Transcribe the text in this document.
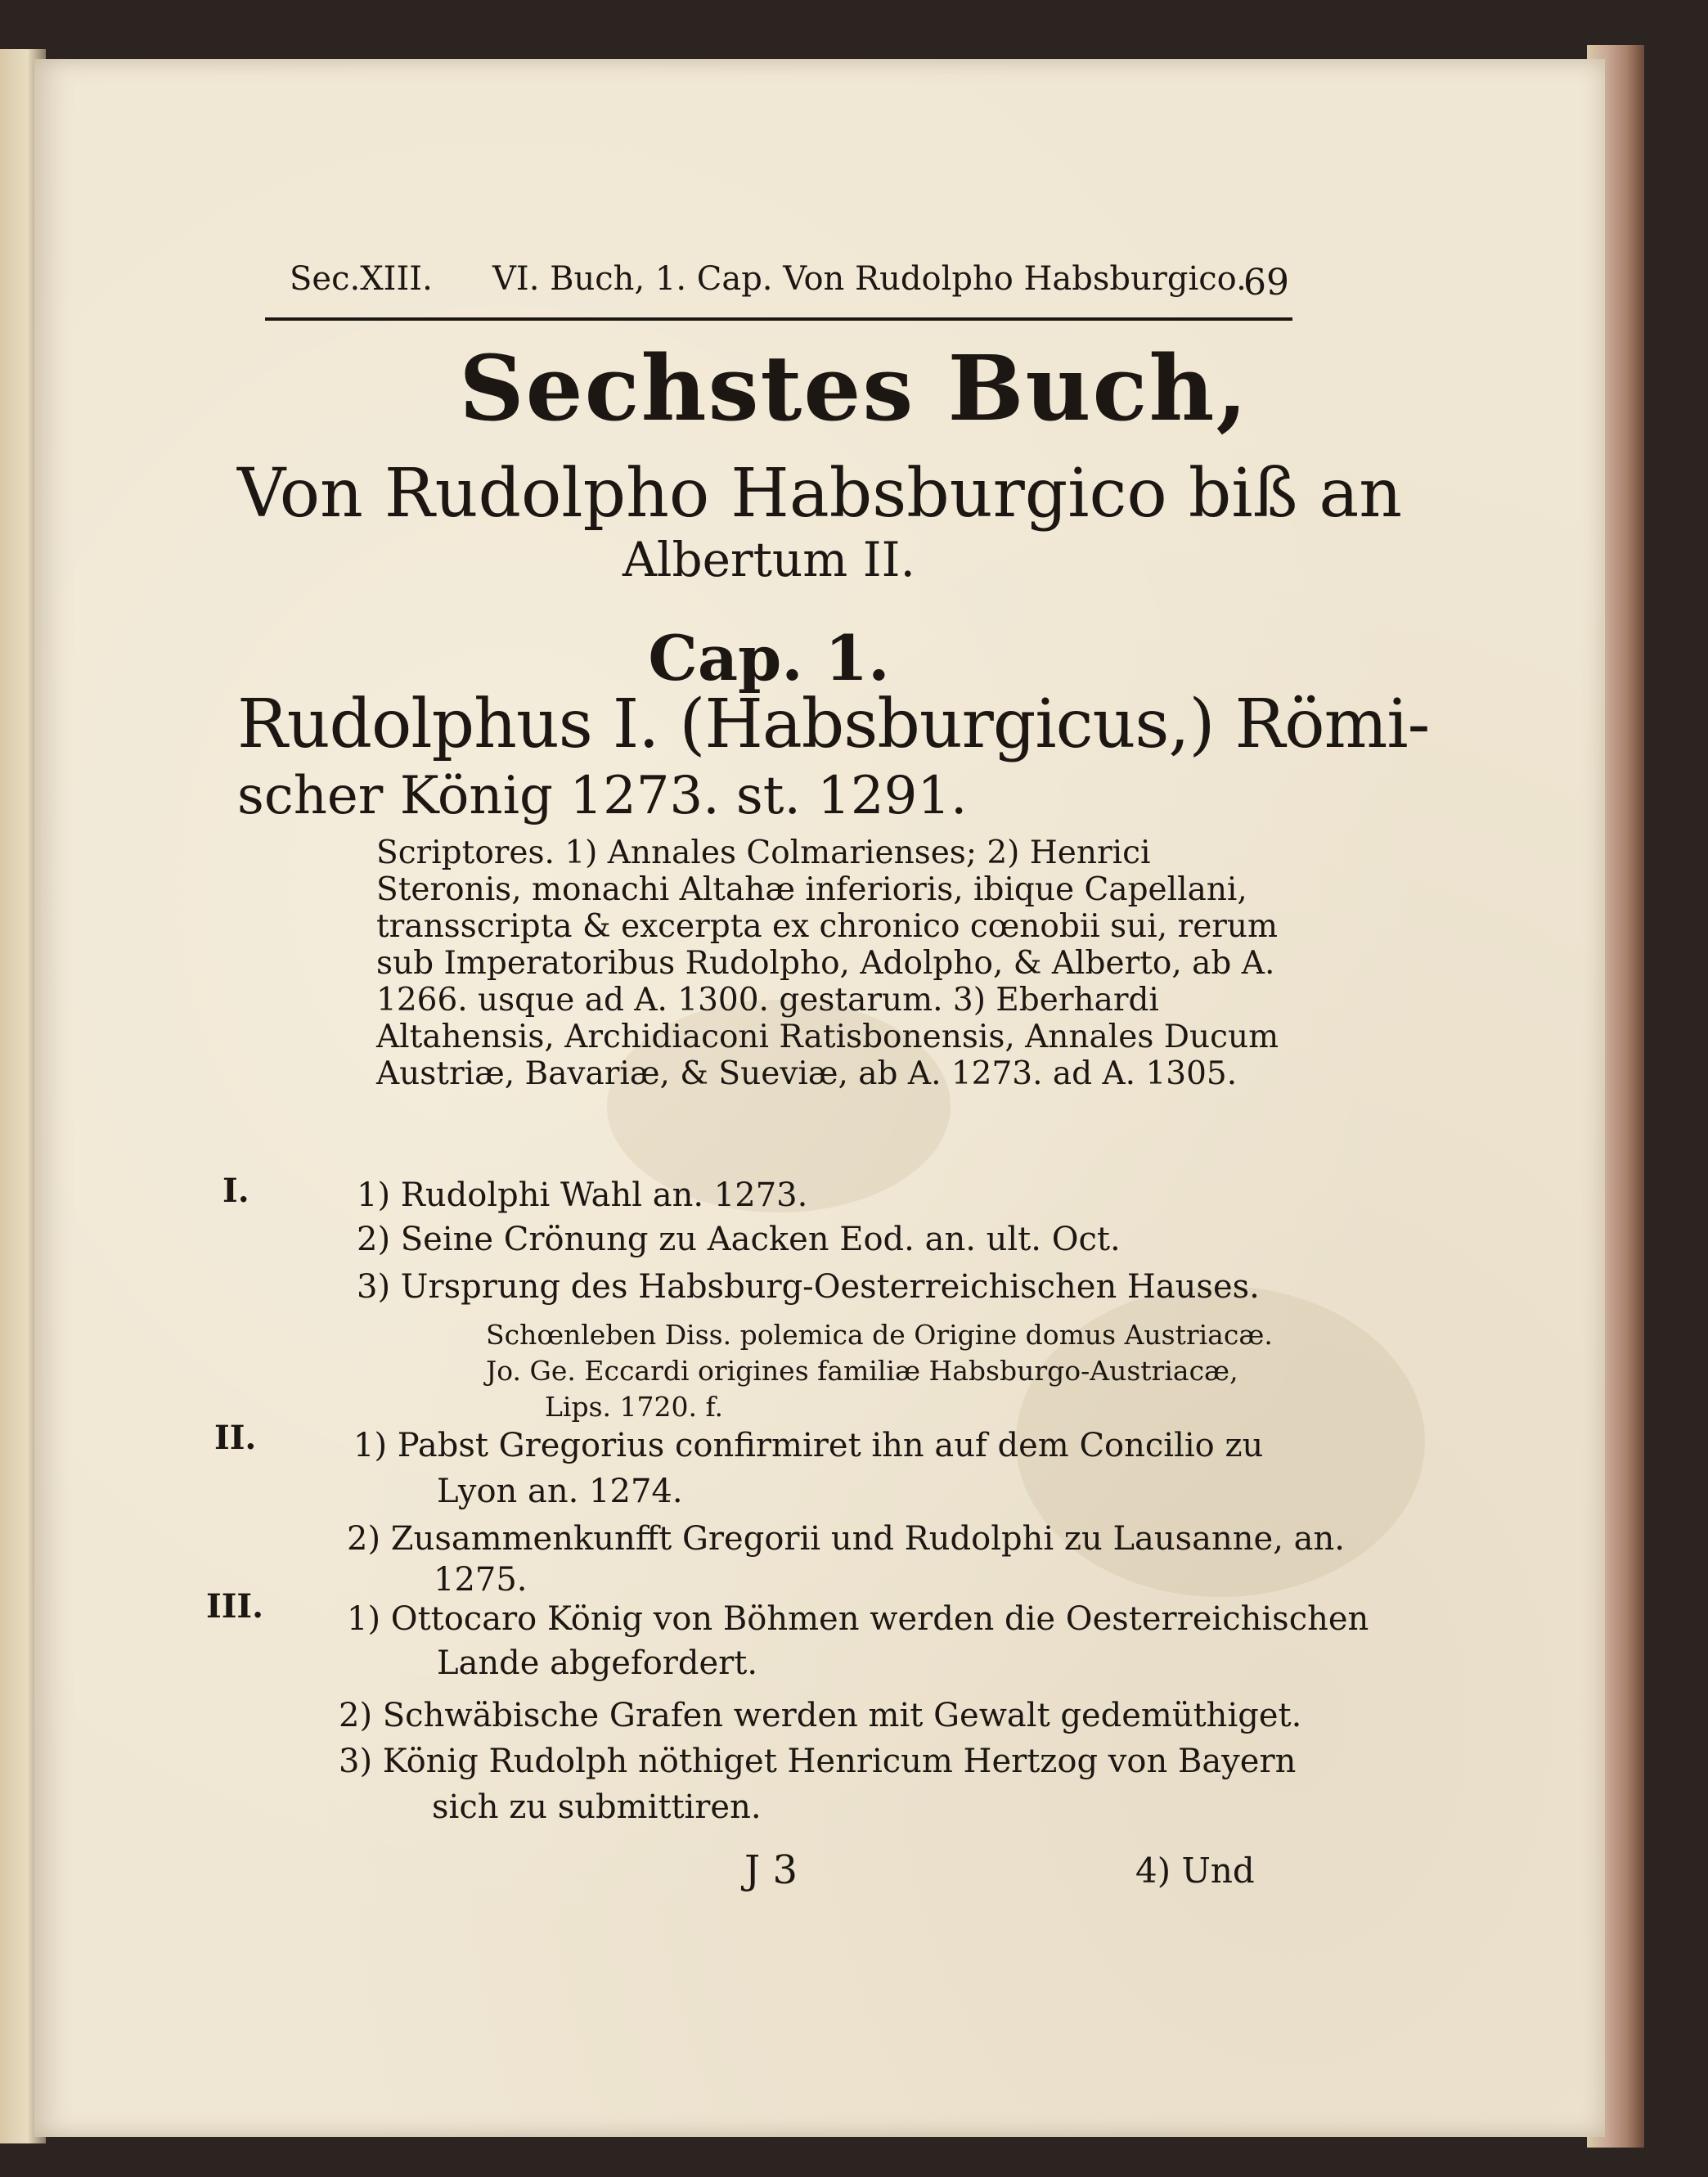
Sec.XIII. VI. Buch, 1. Cap. Von Rudolpho Habsburgico.
69
Sechstes Buch,
Von Rudolpho Habsburgico biß an
Albertum II.
Cap. 1.
Rudolphus I. (Habsburgicus,) Römi-
scher König 1273. st. 1291.
Scriptores. 1) Annales Colmarienses; 2) Henrici Steronis, monachi Altahæ inferioris, ibique Capellani, transscripta & excerpta ex chronico cœnobii sui, rerum sub Imperatoribus Rudolpho, Adolpho, & Alberto, ab A. 1266. usque ad A. 1300. gestarum. 3) Eberhardi Altahensis, Archidiaconi Ratisbonensis, Annales Ducum Austriæ, Bavariæ, & Sueviæ, ab A. 1273. ad A. 1305.
I.	1) Rudolphi Wahl an. 1273.
2) Seine Crönung zu Aacken Eod. an. ult. Oct.
3) Ursprung des Habsburg-Oesterreichischen Hauses.
Schœnleben Diss. polemica de Origine domus Austriacæ.
Jo. Ge. Eccardi origines familiæ Habsburgo-Austriacæ,
Lips. 1720. f.
II.	1) Pabst Gregorius confirmiret ihn auf dem Concilio zu
Lyon an. 1274.
2) Zusammenkunfft Gregorii und Rudolphi zu Lausanne, an.
1275.
III.	1) Ottocaro König von Böhmen werden die Oesterreichischen
Lande abgefordert.
2) Schwäbische Grafen werden mit Gewalt gedemüthiget.
3) König Rudolph nöthiget Henricum Hertzog von Bayern
sich zu submittiren.
J 3	4) Und
